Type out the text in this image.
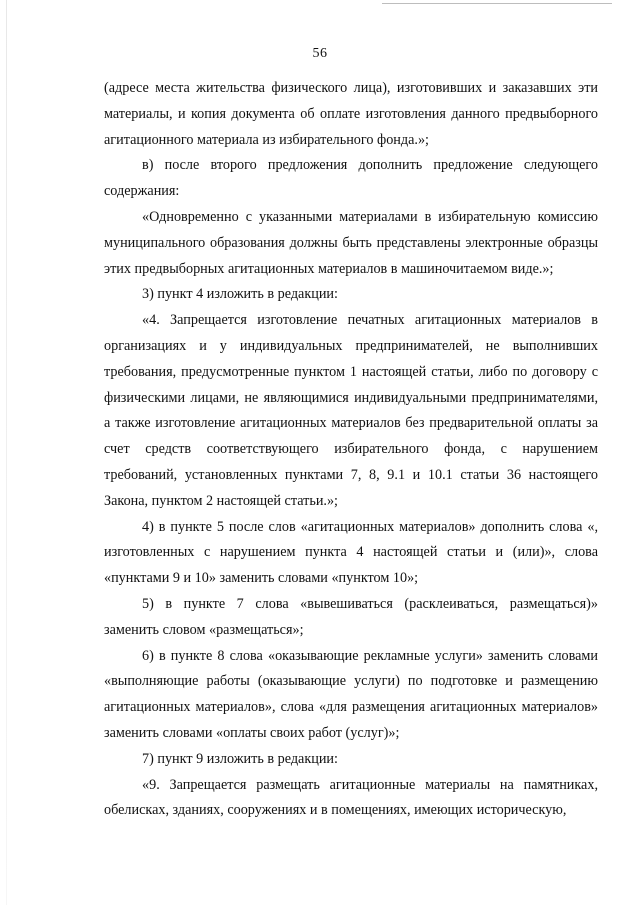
56

(адресе места жительства физического лица), изготовивших и заказавших эти материалы, и копия документа об оплате изготовления данного предвыборного агитационного материала из избирательного фонда.»;

в) после второго предложения дополнить предложение следующего содержания:

«Одновременно с указанными материалами в избирательную комиссию муниципального образования должны быть представлены электронные образцы этих предвыборных агитационных материалов в машиночитаемом виде.»;

3) пункт 4 изложить в редакции:

«4. Запрещается изготовление печатных агитационных материалов в организациях и у индивидуальных предпринимателей, не выполнивших требования, предусмотренные пунктом 1 настоящей статьи, либо по договору с физическими лицами, не являющимися индивидуальными предпринимателями, а также изготовление агитационных материалов без предварительной оплаты за счет средств соответствующего избирательного фонда, с нарушением требований, установленных пунктами 7, 8, 9.1 и 10.1 статьи 36 настоящего Закона, пунктом 2 настоящей статьи.»;

4) в пункте 5 после слов «агитационных материалов» дополнить слова «, изготовленных с нарушением пункта 4 настоящей статьи и (или)», слова «пунктами 9 и 10» заменить словами «пунктом 10»;

5) в пункте 7 слова «вывешиваться (расклеиваться, размещаться)» заменить словом «размещаться»;

6) в пункте 8 слова «оказывающие рекламные услуги» заменить словами «выполняющие работы (оказывающие услуги) по подготовке и размещению агитационных материалов», слова «для размещения агитационных материалов» заменить словами «оплаты своих работ (услуг)»;

7) пункт 9 изложить в редакции:

«9. Запрещается размещать агитационные материалы на памятниках, обелисках, зданиях, сооружениях и в помещениях, имеющих историческую,
